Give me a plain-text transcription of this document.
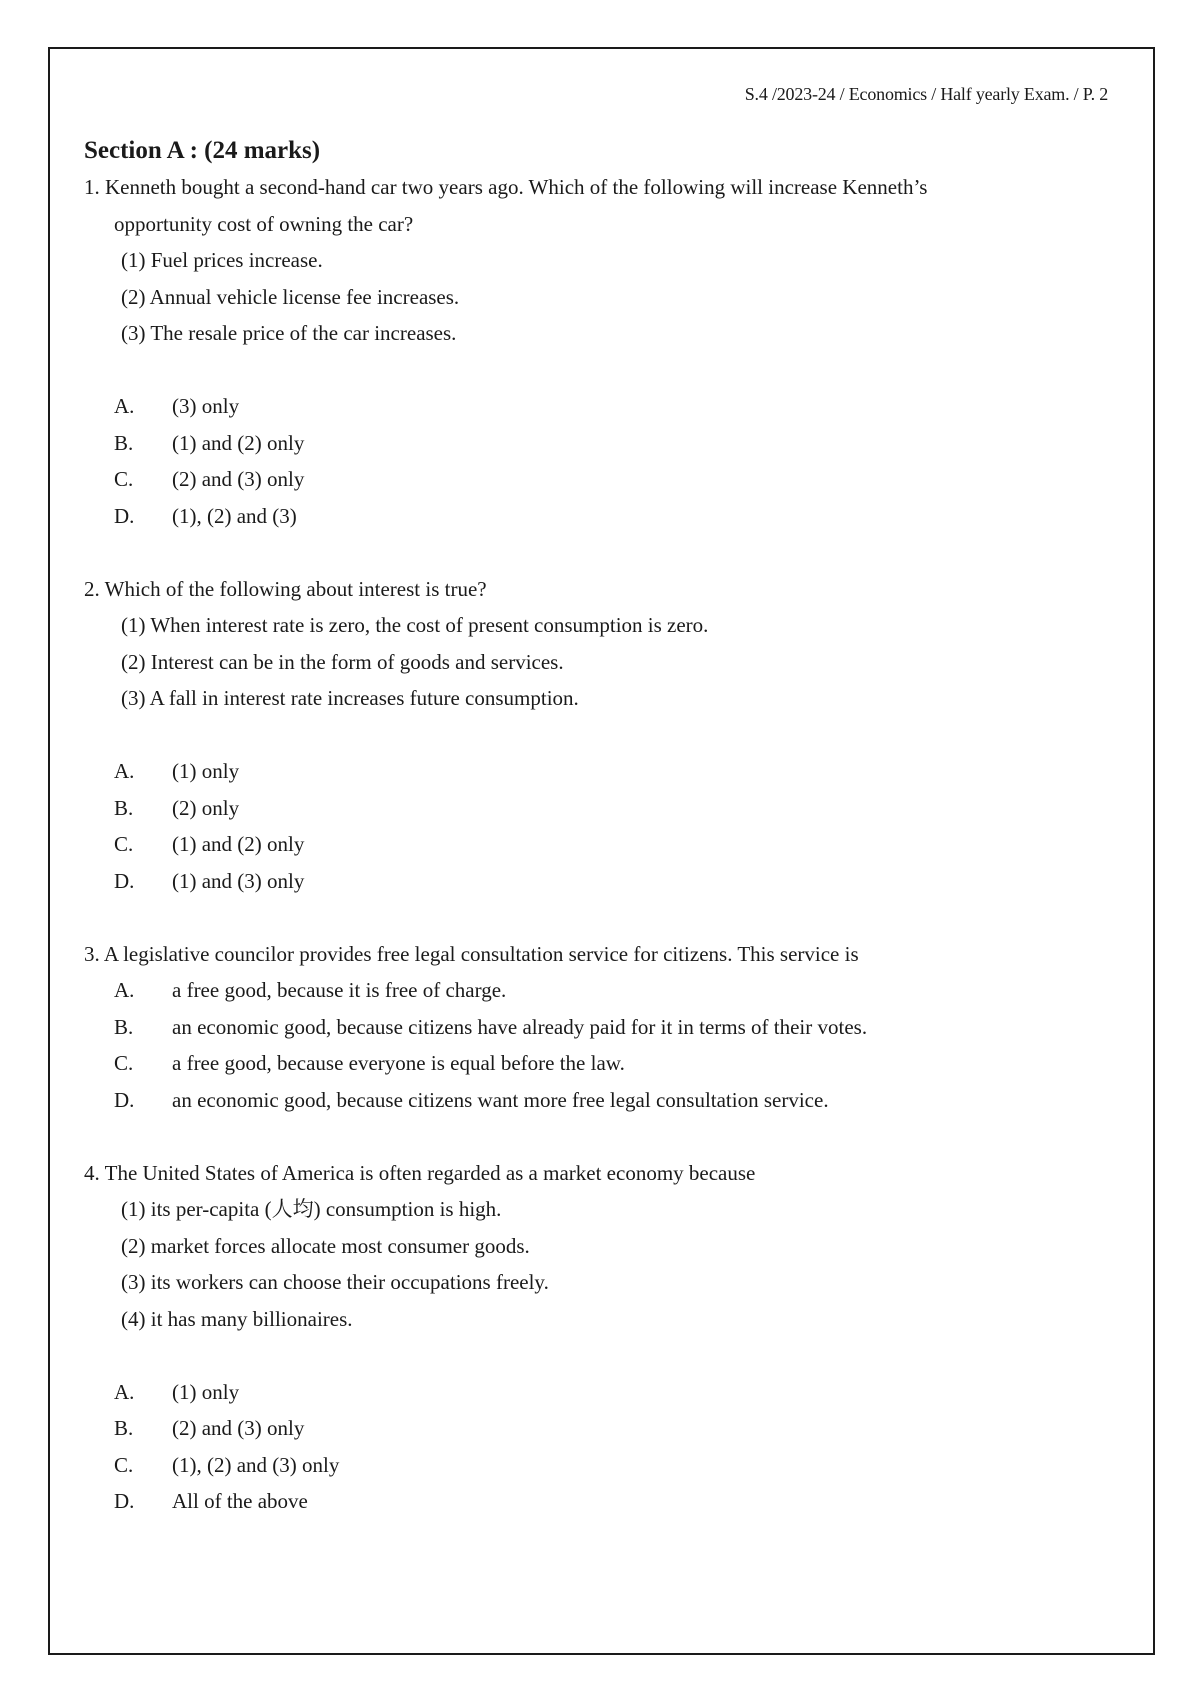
S.4 /2023-24 / Economics / Half yearly Exam. / P. 2
Section A : (24 marks)
1. Kenneth bought a second-hand car two years ago. Which of the following will increase Kenneth’s
opportunity cost of owning the car?
(1) Fuel prices increase.
(2) Annual vehicle license fee increases.
(3) The resale price of the car increases.
A.	(3) only
B.	(1) and (2) only
C.	(2) and (3) only
D.	(1), (2) and (3)
2. Which of the following about interest is true?
(1) When interest rate is zero, the cost of present consumption is zero.
(2) Interest can be in the form of goods and services.
(3) A fall in interest rate increases future consumption.
A.	(1) only
B.	(2) only
C.	(1) and (2) only
D.	(1) and (3) only
3. A legislative councilor provides free legal consultation service for citizens. This service is
A.	a free good, because it is free of charge.
B.	an economic good, because citizens have already paid for it in terms of their votes.
C.	a free good, because everyone is equal before the law.
D.	an economic good, because citizens want more free legal consultation service.
4. The United States of America is often regarded as a market economy because
(1) its per-capita (人均) consumption is high.
(2) market forces allocate most consumer goods.
(3) its workers can choose their occupations freely.
(4) it has many billionaires.
A.	(1) only
B.	(2) and (3) only
C.	(1), (2) and (3) only
D.	All of the above
